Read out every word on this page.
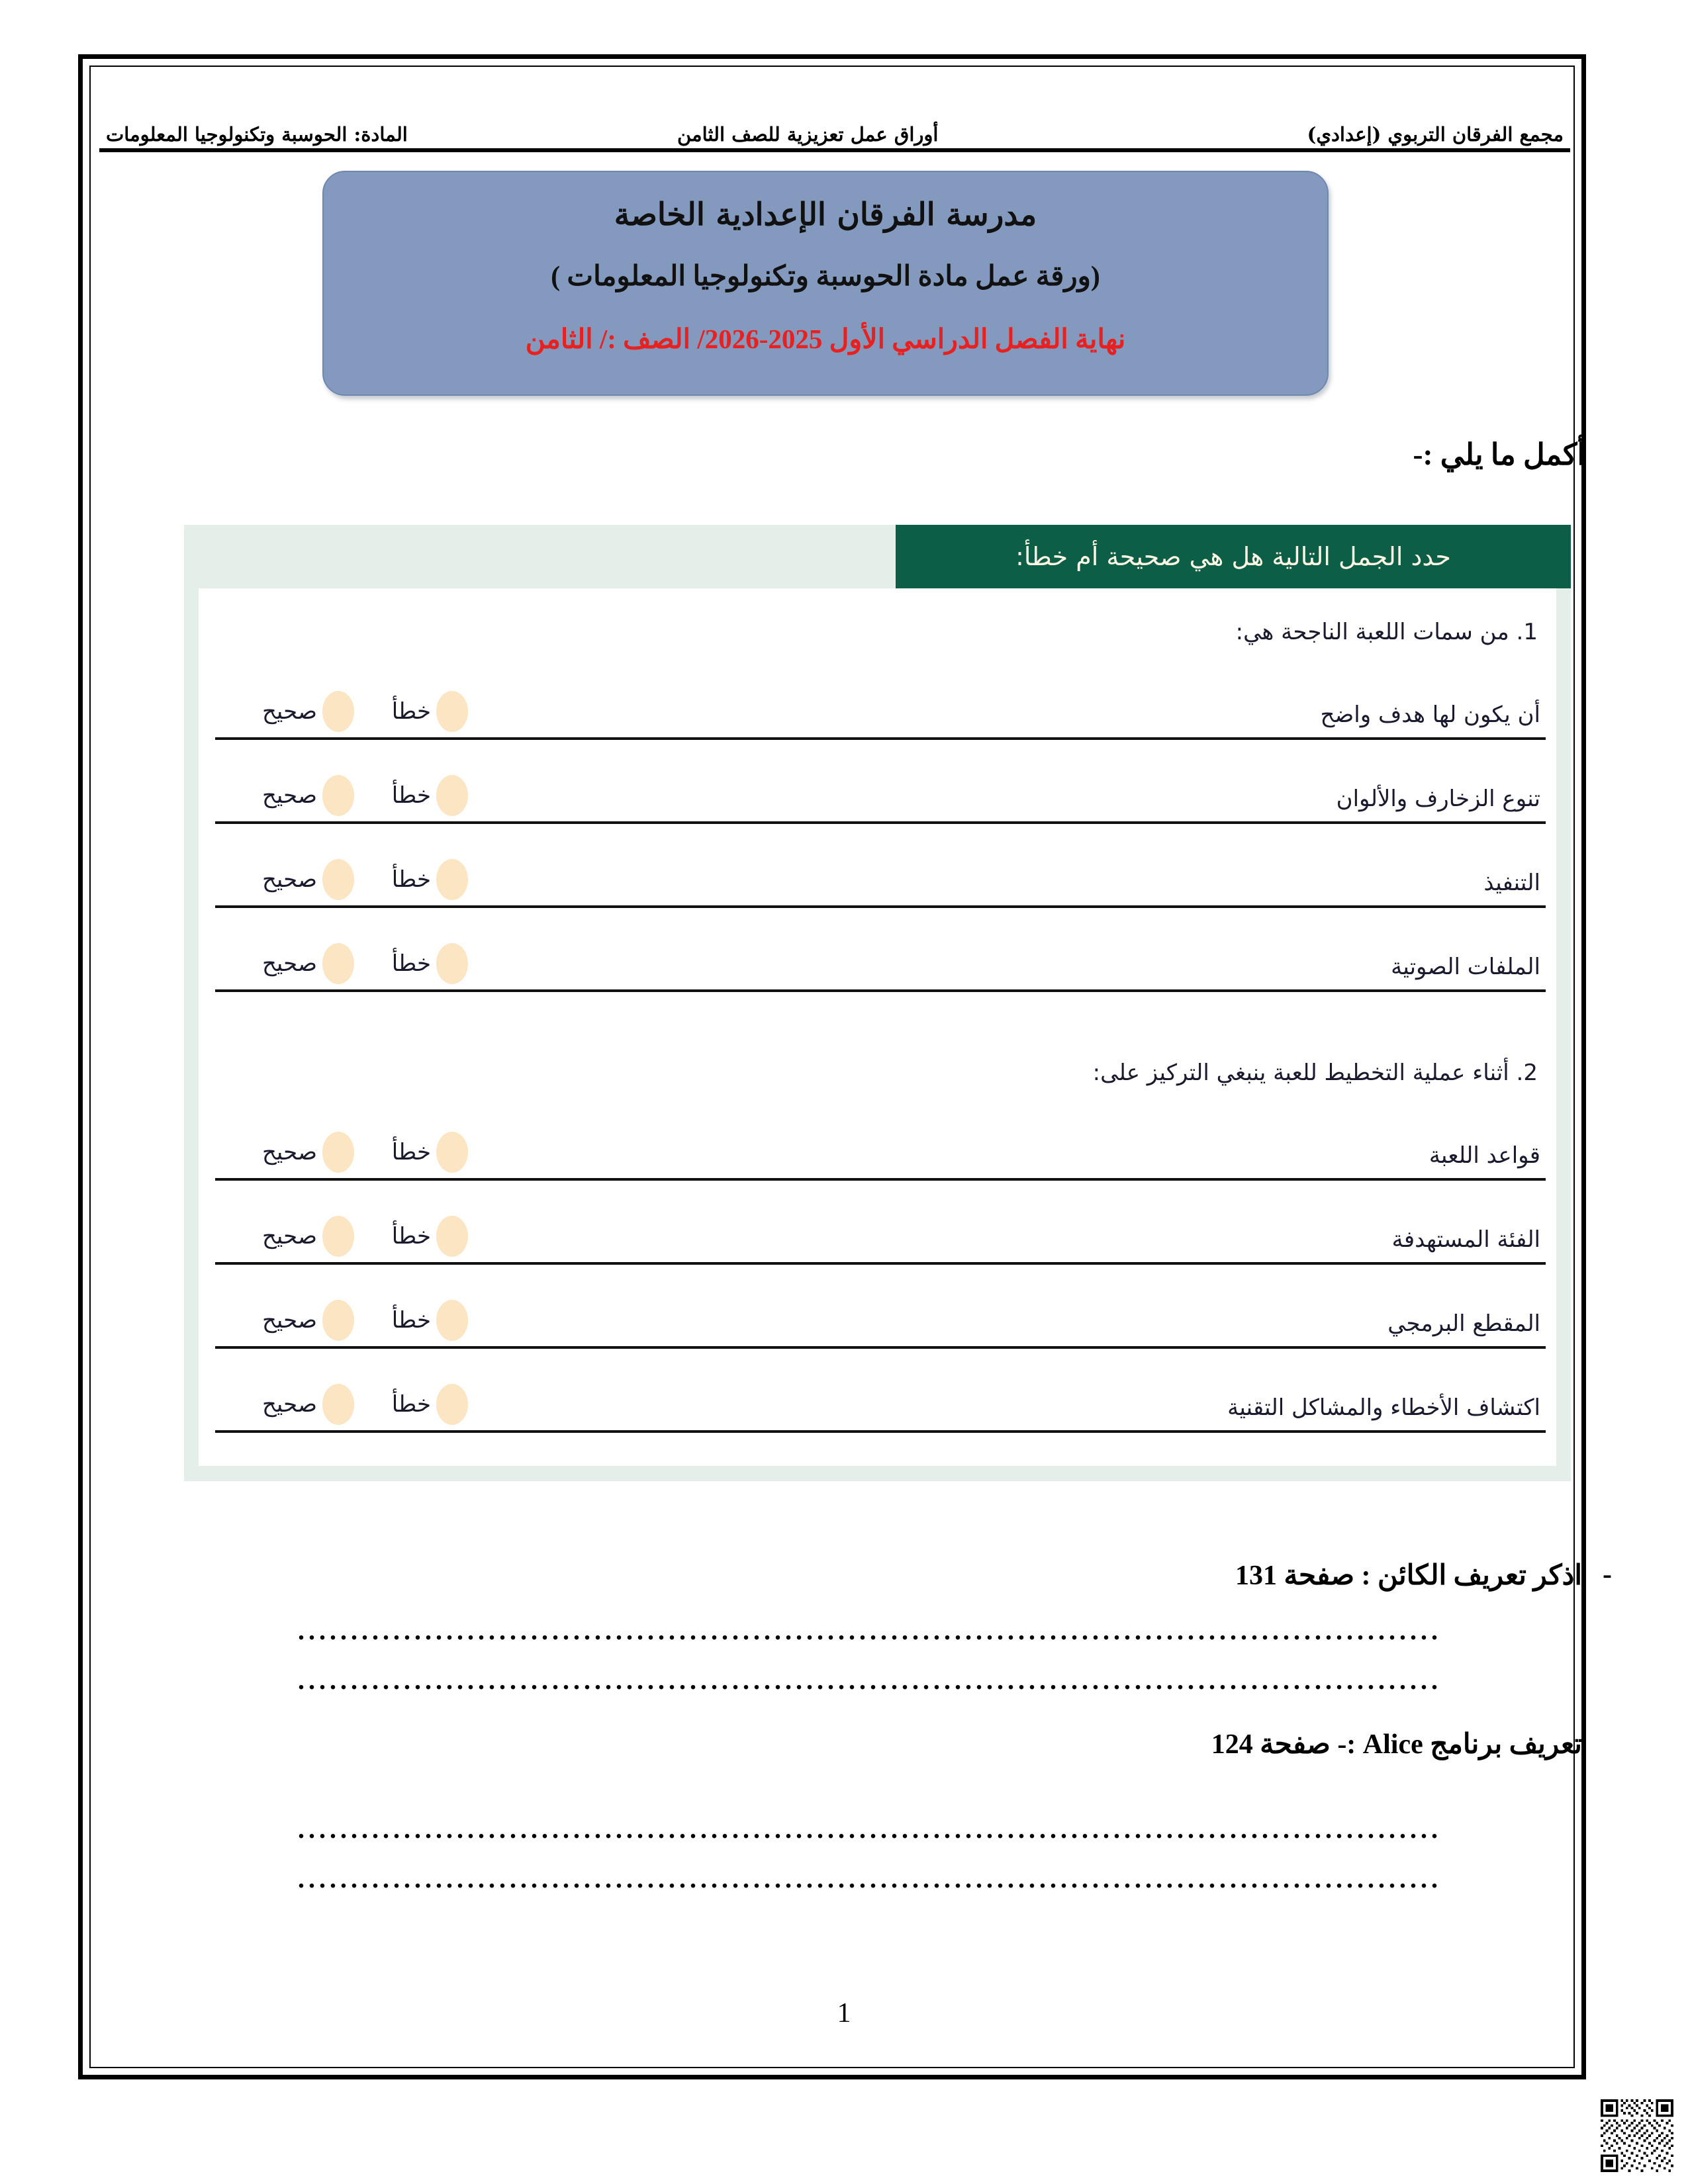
مجمع الفرقان التربوي (إعدادي)
أوراق عمل تعزيزية للصف الثامن
المادة: الحوسبة وتكنولوجيا المعلومات
مدرسة الفرقان الإعدادية الخاصة
(ورقة عمل مادة الحوسبة وتكنولوجيا المعلومات )
نهاية الفصل الدراسي الأول 2025-2026/ الصف :/ الثامن
أكمل ما يلي :-
حدد الجمل التالية هل هي صحيحة أم خطأ:
1. من سمات اللعبة الناجحة هي:
أن يكون لها هدف واضح
خطأ
صحيح
تنوع الزخارف والألوان
خطأ
صحيح
التنفيذ
خطأ
صحيح
الملفات الصوتية
خطأ
صحيح
2. أثناء عملية التخطيط للعبة ينبغي التركيز على:
قواعد اللعبة
خطأ
صحيح
الفئة المستهدفة
خطأ
صحيح
المقطع البرمجي
خطأ
صحيح
اكتشاف الأخطاء والمشاكل التقنية
خطأ
صحيح
-
اذكر تعريف الكائن : صفحة 131
............................................................................................................
............................................................................................................
تعريف برنامج Alice :- صفحة 124
............................................................................................................
............................................................................................................
1
